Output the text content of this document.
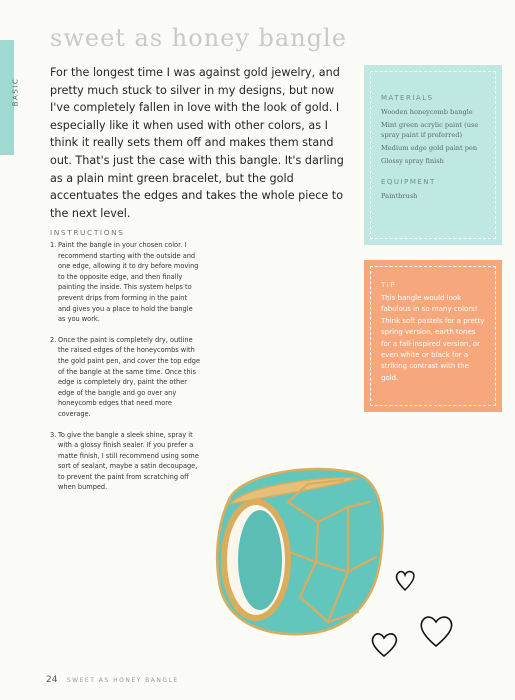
BASIC
sweet as honey bangle

For the longest time I was against gold jewelry, and pretty much stuck to silver in my designs, but now I've completely fallen in love with the look of gold. I especially like it when used with other colors, as I think it really sets them off and makes them stand out. That's just the case with this bangle. It's darling as a plain mint green bracelet, but the gold accentuates the edges and takes the whole piece to the next level.

MATERIALS

Wooden honeycomb bangle

Mint green acrylic paint (use spray paint if preferred)

Medium edge gold paint pen

Glossy spray finish

EQUIPMENT

Paintbrush

TIP

This bangle would look fabulous in so many colors! Think soft pastels for a pretty spring version, earth tones for a fall-inspired version, or even white or black for a striking contrast with the gold.

INSTRUCTIONS

1. Paint the bangle in your chosen color. I recommend starting with the outside and one edge, allowing it to dry before moving to the opposite edge, and then finally painting the inside. This system helps to prevent drips from forming in the paint and gives you a place to hold the bangle as you work.
2. Once the paint is completely dry, outline the raised edges of the honeycombs with the gold paint pen, and cover the top edge of the bangle at the same time. Once this edge is completely dry, paint the other edge of the bangle and go over any honeycomb edges that need more coverage.
3. To give the bangle a sleek shine, spray it with a glossy finish sealer. If you prefer a matte finish, I still recommend using some sort of sealant, maybe a satin decoupage, to prevent the paint from scratching off when bumped.
24 SWEET AS HONEY BANGLE
